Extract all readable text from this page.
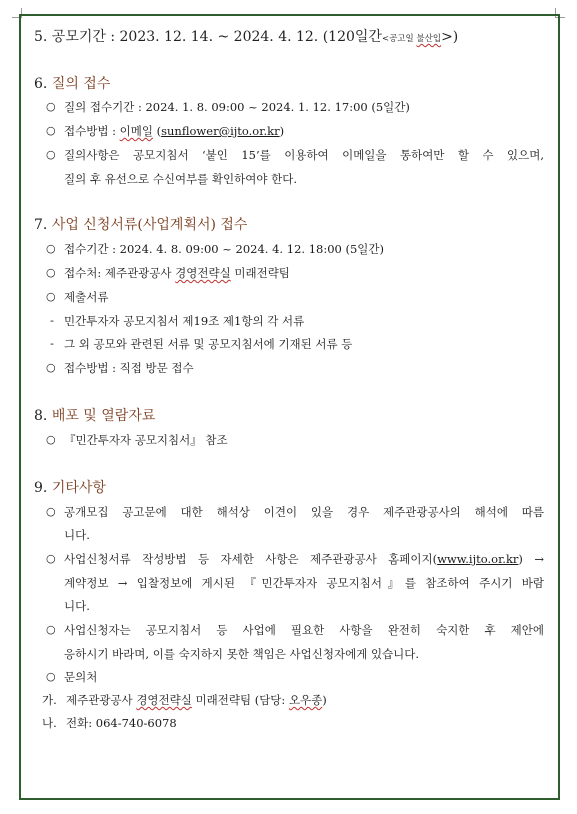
5. 공모기간 : 2023. 12. 14. ~ 2024. 4. 12. (120일간<공고일 불산입>)
6. 질의 접수
○ 질의 접수기간 : 2024. 1. 8. 09:00 ~ 2024. 1. 12. 17:00 (5일간)
○ 접수방법 : 이메일 (sunflower@ijto.or.kr)
○ 질의사항은 공모지침서 ‘붙인 15’를 이용하여 이메일을 통하여만 할 수 있으며,
질의 후 유선으로 수신여부를 확인하여야 한다.
7. 사업 신청서류(사업계획서) 접수
○ 접수기간 : 2024. 4. 8. 09:00 ~ 2024. 4. 12. 18:00 (5일간)
○ 접수처: 제주관광공사 경영전략실 미래전략팀
○ 제출서류
- 민간투자자 공모지침서 제19조 제1항의 각 서류
- 그 외 공모와 관련된 서류 및 공모지침서에 기재된 서류 등
○ 접수방법 : 직접 방문 접수
8. 배포 및 열람자료
○ 『민간투자자 공모지침서』 참조
9. 기타사항
○ 공개모집 공고문에 대한 해석상 이견이 있을 경우 제주관광공사의 해석에 따름
니다.
○ 사업신청서류 작성방법 등 자세한 사항은 제주관광공사 홈페이지(www.ijto.or.kr) →
계약정보 → 입찰정보에 게시된 『민간투자자 공모지침서』를 참조하여 주시기 바람
니다.
○ 사업신청자는 공모지침서 등 사업에 필요한 사항을 완전히 숙지한 후 제안에
응하시기 바라며, 이를 숙지하지 못한 책임은 사업신청자에게 있습니다.
○ 문의처
가. 제주관광공사 경영전략실 미래전략팀 (담당: 오우종)
나. 전화: 064-740-6078
